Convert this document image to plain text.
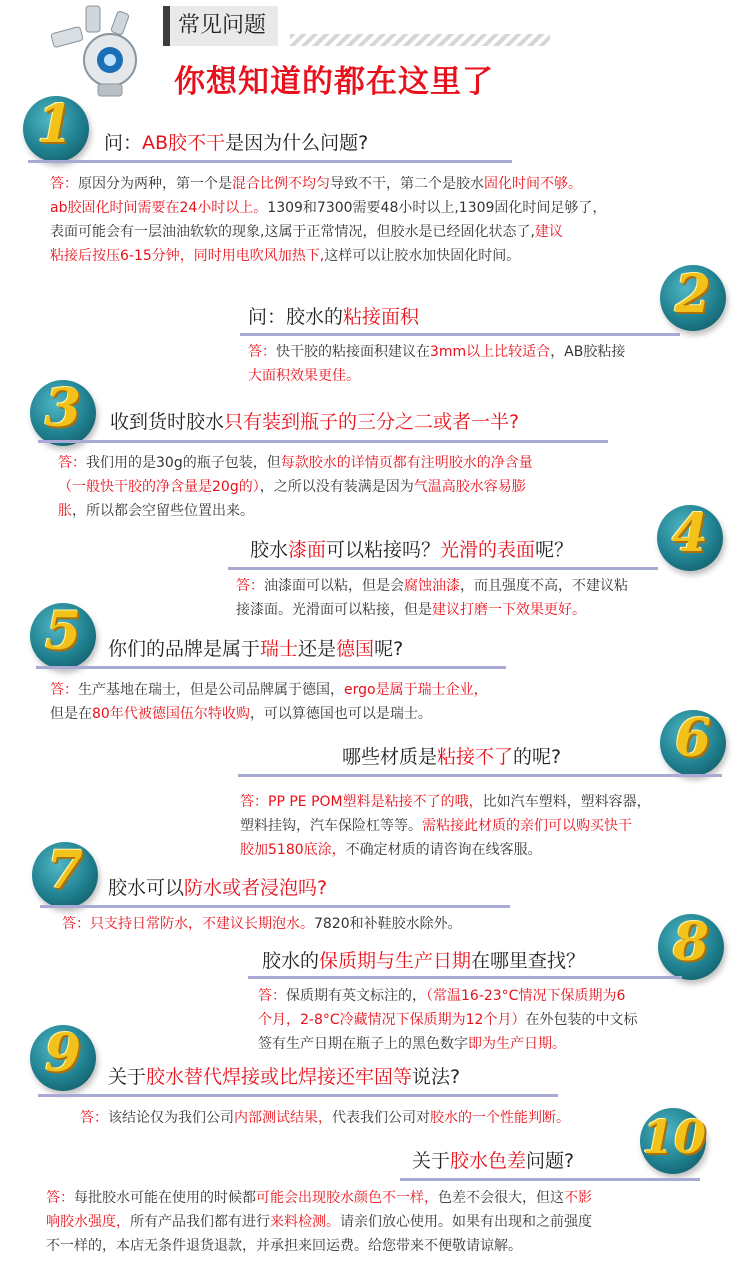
常见问题
你想知道的都在这里了
1	问：AB胶不干是因为什么问题?
答：原因分为两种，第一个是混合比例不均匀导致不干，第二个是胶水固化时间不够。
ab胶固化时间需要在24小时以上。1309和7300需要48小时以上,1309固化时间足够了，
表面可能会有一层油油软软的现象,这属于正常情况，但胶水是已经固化状态了,建议
粘接后按压6-15分钟，同时用电吹风加热下,这样可以让胶水加快固化时间。
2
问：胶水的粘接面积
答：快干胶的粘接面积建议在3mm以上比较适合，AB胶粘接
大面积效果更佳。
3	收到货时胶水只有装到瓶子的三分之二或者一半?
答：我们用的是30g的瓶子包装，但每款胶水的详情页都有注明胶水的净含量
（一般快干胶的净含量是20g的），之所以没有装满是因为气温高胶水容易膨
胀，所以都会空留些位置出来。	4
胶水漆面可以粘接吗？光滑的表面呢？
答：油漆面可以粘，但是会腐蚀油漆，而且强度不高，不建议粘
接漆面。光滑面可以粘接，但是建议打磨一下效果更好。
5	你们的品牌是属于瑞士还是德国呢?
答：生产基地在瑞士，但是公司品牌属于德国，ergo是属于瑞士企业，
但是在80年代被德国伍尔特收购，可以算德国也可以是瑞士。	6
哪些材质是粘接不了的呢?
答：PP PE POM塑料是粘接不了的哦，比如汽车塑料，塑料容器，
塑料挂钩，汽车保险杠等等。需粘接此材质的亲们可以购买快干
胶加5180底涂，不确定材质的请咨询在线客服。
7	胶水可以防水或者浸泡吗?
答：只支持日常防水，不建议长期泡水。7820和补鞋胶水除外。	8
胶水的保质期与生产日期在哪里查找？
答：保质期有英文标注的，（常温16-23°C情况下保质期为6
个月，2-8°C冷藏情况下保质期为12个月）在外包装的中文标
签有生产日期在瓶子上的黑色数字即为生产日期。
9	关于胶水替代焊接或比焊接还牢固等说法?
答：该结论仅为我们公司内部测试结果，代表我们公司对胶水的一个性能判断。	10
关于胶水色差问题?
答：每批胶水可能在使用的时候都可能会出现胶水颜色不一样，色差不会很大，但这不影
响胶水强度，所有产品我们都有进行来料检测。请亲们放心使用。如果有出现和之前强度
不一样的，本店无条件退货退款，并承担来回运费。给您带来不便敬请谅解。
